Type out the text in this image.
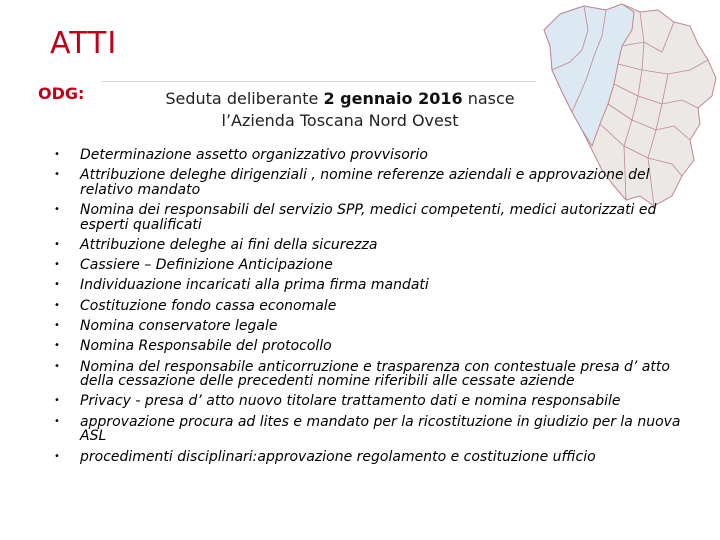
ATTI
ODG:	Seduta deliberante 2 gennaio 2016 nasce
l’Azienda Toscana Nord Ovest
• Determinazione assetto organizzativo provvisorio
• Attribuzione deleghe dirigenziali , nomine referenze aziendali e approvazione del relativo mandato
• Nomina dei responsabili del servizio SPP, medici competenti, medici autorizzati ed esperti qualificati
• Attribuzione deleghe ai fini della sicurezza
• Cassiere – Definizione Anticipazione
• Individuazione incaricati alla prima firma mandati
• Costituzione fondo cassa economale
• Nomina conservatore legale
• Nomina Responsabile del protocollo
• Nomina del responsabile anticorruzione e trasparenza con contestuale presa d’ atto della cessazione delle precedenti nomine riferibili alle cessate aziende
• Privacy - presa d’ atto nuovo titolare trattamento dati e nomina responsabile
• approvazione procura ad lites e mandato per la ricostituzione in giudizio per la nuova ASL
• procedimenti disciplinari:approvazione regolamento e costituzione ufficio
